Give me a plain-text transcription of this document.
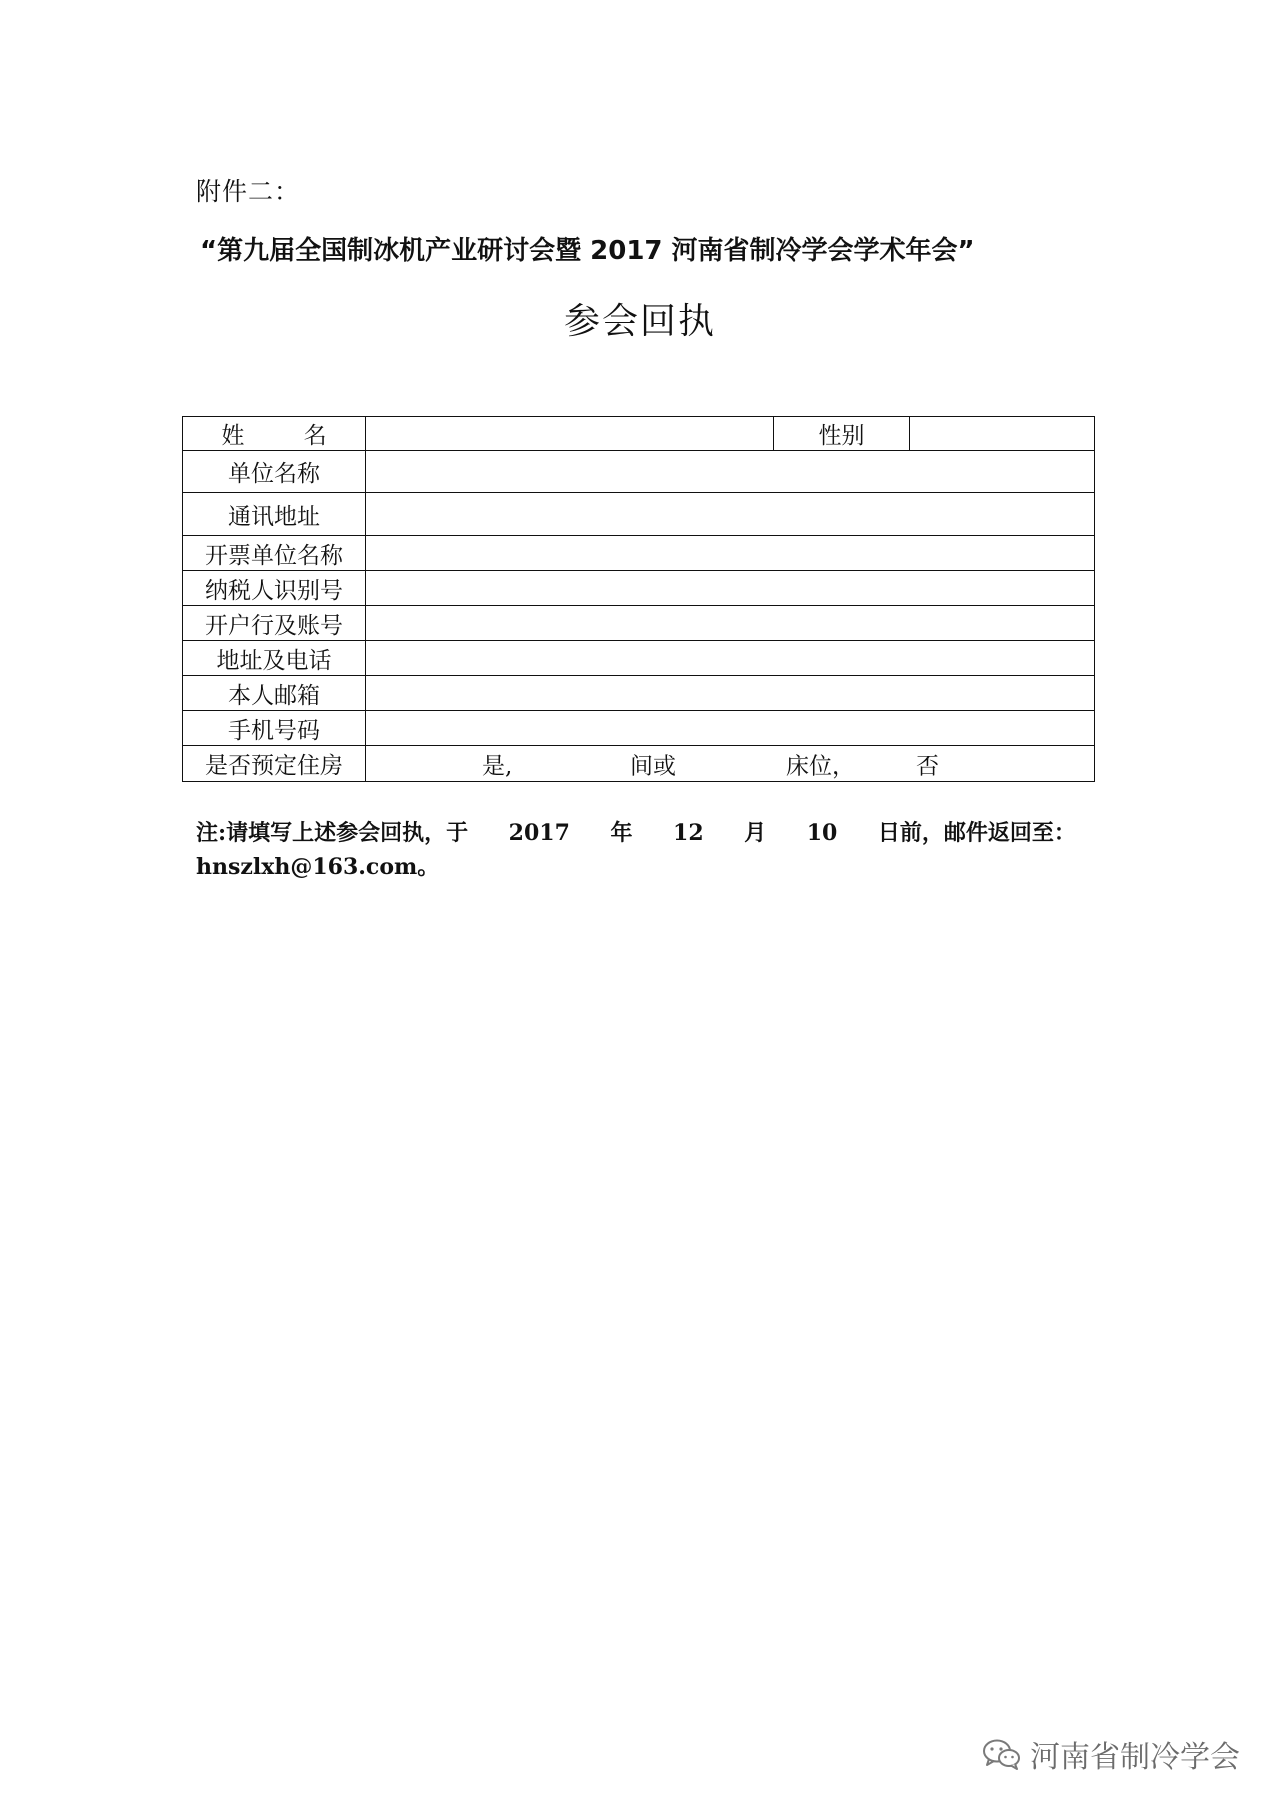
附件二：
“第九届全国制冰机产业研讨会暨 2017 河南省制冷学会学术年会”
参会回执
姓 名		性别	
单位名称			
通讯地址			
开票单位名称			
纳税人识别号			
开户行及账号			
地址及电话			
本人邮箱			
手机号码			
是否预定住房	是, 间或 床位， 否		
注:请填写上述参会回执，于 2017 年 12 月 10 日前，邮件返回至：
hnszlxh@163.com。
河南省制冷学会
